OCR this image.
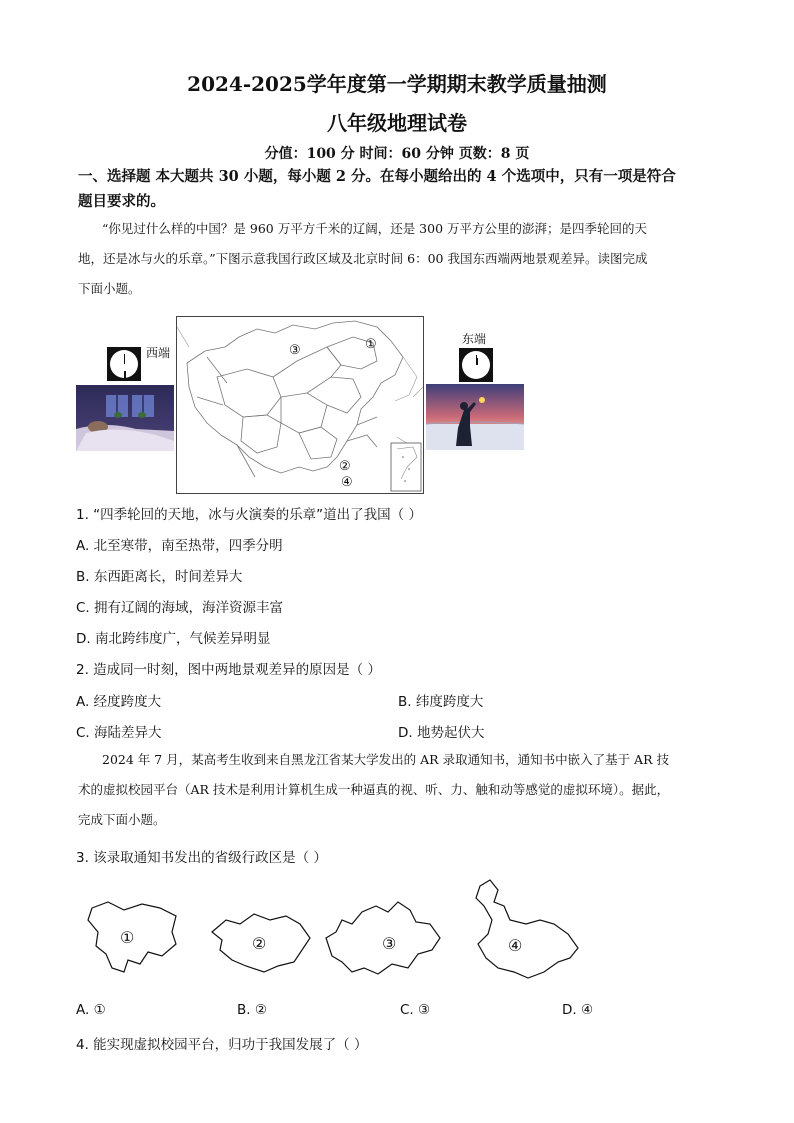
2024-2025学年度第一学期期末教学质量抽测
八年级地理试卷
分值：100 分 时间：60 分钟 页数：8 页
一、选择题 本大题共 30 小题，每小题 2 分。在每小题给出的 4 个选项中，只有一项是符合
题目要求的。
“你见过什么样的中国？是 960 万平方千米的辽阔，还是 300 万平方公里的澎湃；是四季轮回的天
地，还是冰与火的乐章。”下图示意我国行政区域及北京时间 6：00 我国东西端两地景观差异。读图完成
下面小题。
西端	③	①
②
④
东端
1. “四季轮回的天地，冰与火演奏的乐章”道出了我国（ ）
A. 北至寒带，南至热带，四季分明
B. 东西距离长，时间差异大
C. 拥有辽阔的海域，海洋资源丰富
D. 南北跨纬度广，气候差异明显
2. 造成同一时刻，图中两地景观差异的原因是（ ）
A. 经度跨度大	B. 纬度跨度大
C. 海陆差异大	D. 地势起伏大
2024 年 7 月，某高考生收到来自黑龙江省某大学发出的 AR 录取通知书，通知书中嵌入了基于 AR 技
术的虚拟校园平台（AR 技术是利用计算机生成一种逼真的视、听、力、触和动等感觉的虚拟环境）。据此，
完成下面小题。
3. 该录取通知书发出的省级行政区是（ ）
①	②	③	④
A. ①	B. ②	C. ③	D. ④
4. 能实现虚拟校园平台，归功于我国发展了（ ）
